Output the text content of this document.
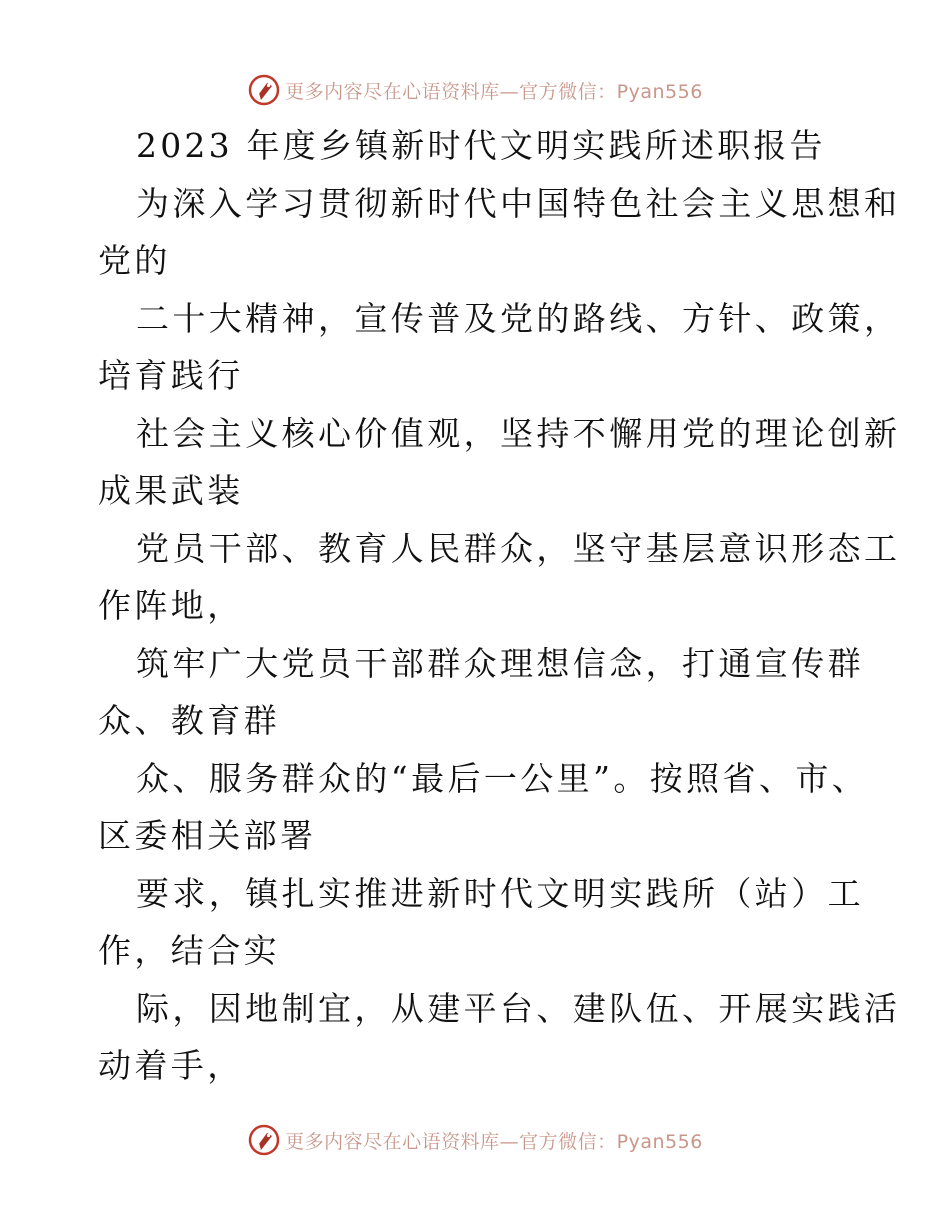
更多内容尽在心语资料库—官方微信：Pyan556
2023 年度乡镇新时代文明实践所述职报告
为深入学习贯彻新时代中国特色社会主义思想和
党的
二十大精神，宣传普及党的路线、方针、政策，
培育践行
社会主义核心价值观，坚持不懈用党的理论创新
成果武装
党员干部、教育人民群众，坚守基层意识形态工
作阵地，
筑牢广大党员干部群众理想信念，打通宣传群
众、教育群
众、服务群众的“最后一公里”。按照省、市、
区委相关部署
要求，镇扎实推进新时代文明实践所（站）工
作，结合实
际，因地制宜，从建平台、建队伍、开展实践活
动着手，
更多内容尽在心语资料库—官方微信：Pyan556
